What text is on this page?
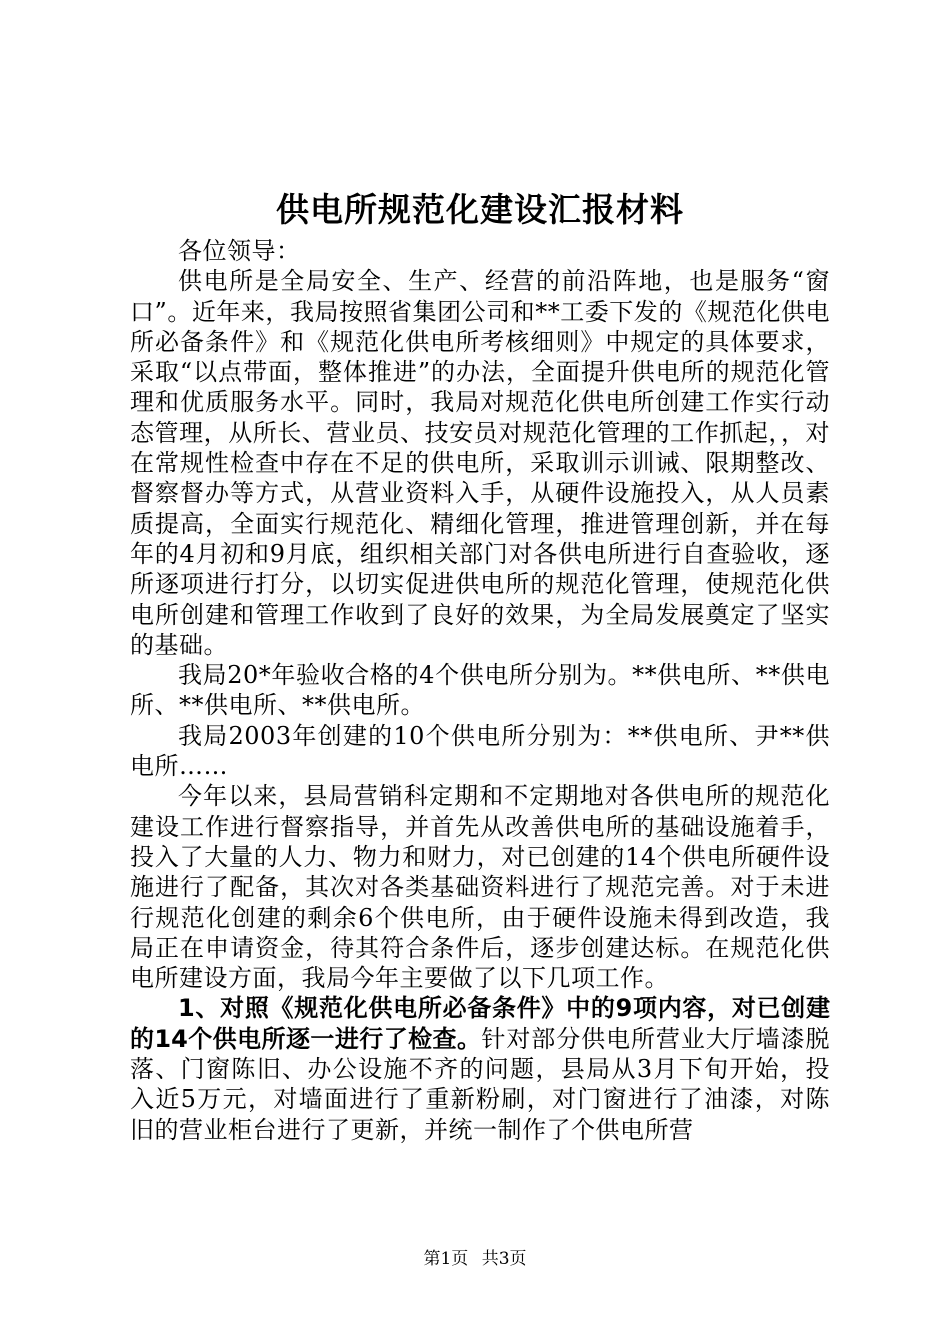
供电所规范化建设汇报材料

各位领导：

供电所是全局安全、生产、经营的前沿阵地，也是服务“窗口”。近年来，我局按照省集团公司和**工委下发的《规范化供电所必备条件》和《规范化供电所考核细则》中规定的具体要求，采取“以点带面，整体推进”的办法，全面提升供电所的规范化管理和优质服务水平。同时，我局对规范化供电所创建工作实行动态管理，从所长、营业员、技安员对规范化管理的工作抓起，，对在常规性检查中存在不足的供电所，采取训示训诫、限期整改、督察督办等方式，从营业资料入手，从硬件设施投入，从人员素质提高，全面实行规范化、精细化管理，推进管理创新，并在每年的4月初和9月底，组织相关部门对各供电所进行自查验收，逐所逐项进行打分，以切实促进供电所的规范化管理，使规范化供电所创建和管理工作收到了良好的效果，为全局发展奠定了坚实的基础。

我局20*年验收合格的4个供电所分别为。**供电所、**供电所、**供电所、**供电所。

我局2003年创建的10个供电所分别为：**供电所、尹**供电所……

今年以来，县局营销科定期和不定期地对各供电所的规范化建设工作进行督察指导，并首先从改善供电所的基础设施着手，投入了大量的人力、物力和财力，对已创建的14个供电所硬件设施进行了配备，其次对各类基础资料进行了规范完善。对于未进行规范化创建的剩余6个供电所，由于硬件设施未得到改造，我局正在申请资金，待其符合条件后，逐步创建达标。在规范化供电所建设方面，我局今年主要做了以下几项工作。

1、对照《规范化供电所必备条件》中的9项内容，对已创建的14个供电所逐一进行了检查。针对部分供电所营业大厅墙漆脱落、门窗陈旧、办公设施不齐的问题，县局从3月下旬开始，投入近5万元，对墙面进行了重新粉刷，对门窗进行了油漆，对陈旧的营业柜台进行了更新，并统一制作了个供电所营

第1页 共3页
